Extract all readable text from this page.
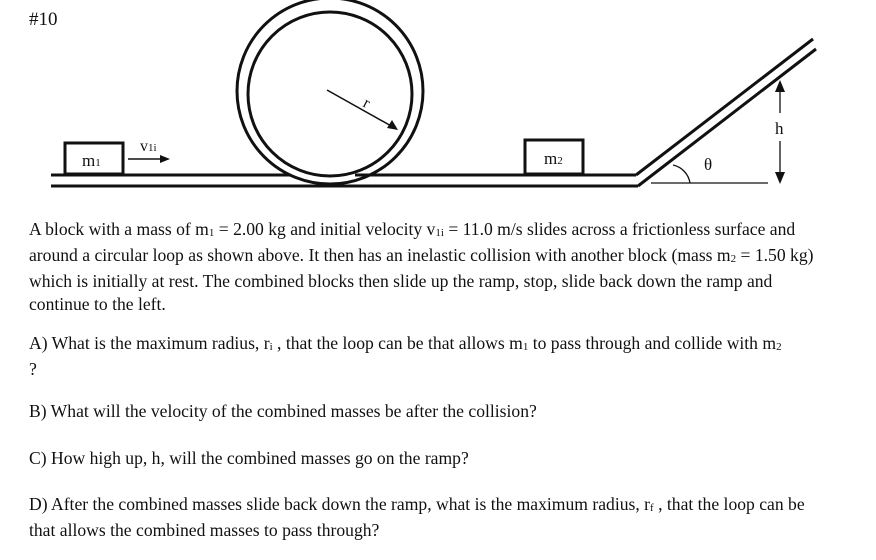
#10
m1
v1i
r
m2	θ
h

A block with a mass of m1 = 2.00 kg and initial velocity v1i = 11.0 m/s slides across a frictionless surface and around a circular loop as shown above. It then has an inelastic collision with another block (mass m2 = 1.50 kg) which is initially at rest. The combined blocks then slide up the ramp, stop, slide back down the ramp and continue to the left.

A) What is the maximum radius, ri , that the loop can be that allows m1 to pass through and collide with m2 ?

B) What will the velocity of the combined masses be after the collision?

C) How high up, h, will the combined masses go on the ramp?

D) After the combined masses slide back down the ramp, what is the maximum radius, rf , that the loop can be that allows the combined masses to pass through?
